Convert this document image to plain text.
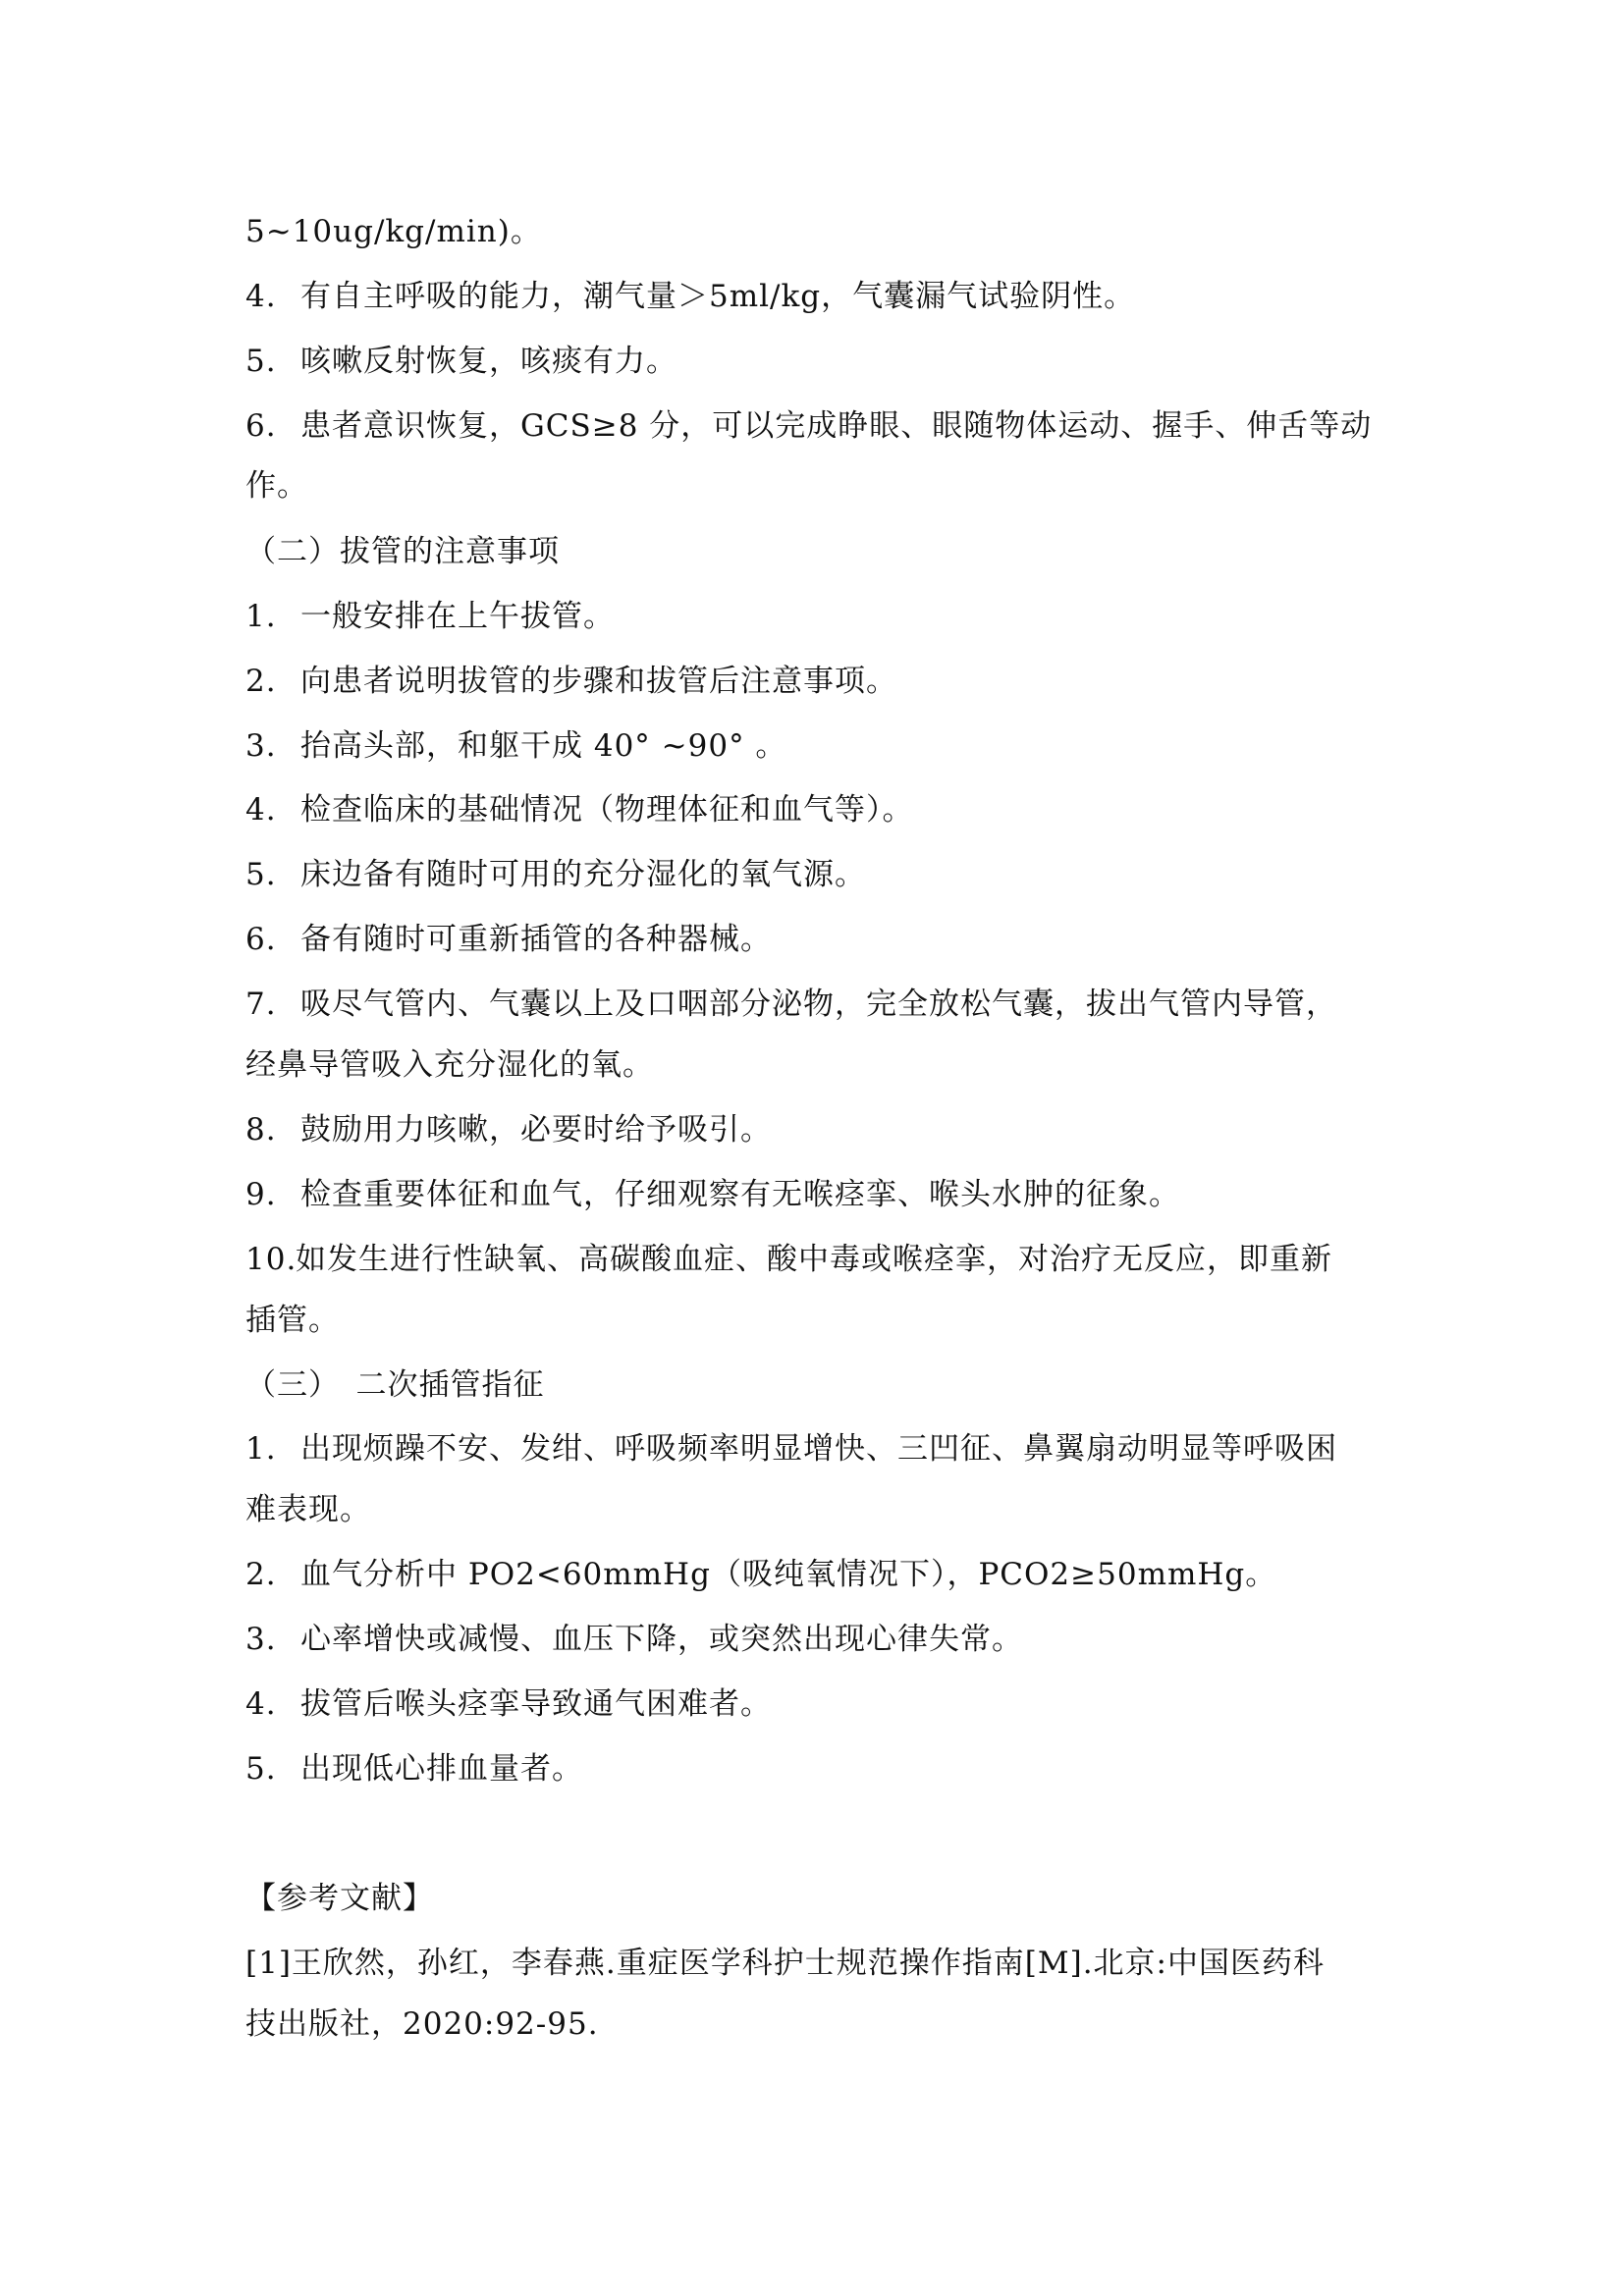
5~10ug/kg/min)。
4. 有自主呼吸的能力，潮气量＞5ml/kg，气囊漏气试验阴性。
5. 咳嗽反射恢复，咳痰有力。
6. 患者意识恢复，GCS≥8 分，可以完成睁眼、眼随物体运动、握手、伸舌等动
作。
（二）拔管的注意事项
1. 一般安排在上午拔管。
2. 向患者说明拔管的步骤和拔管后注意事项。
3. 抬高头部，和躯干成 40° ~90° 。
4. 检查临床的基础情况（物理体征和血气等）。
5. 床边备有随时可用的充分湿化的氧气源。
6. 备有随时可重新插管的各种器械。
7. 吸尽气管内、气囊以上及口咽部分泌物，完全放松气囊，拔出气管内导管，
经鼻导管吸入充分湿化的氧。
8. 鼓励用力咳嗽，必要时给予吸引。
9. 检查重要体征和血气，仔细观察有无喉痉挛、喉头水肿的征象。
10.如发生进行性缺氧、高碳酸血症、酸中毒或喉痉挛，对治疗无反应，即重新
插管。
（三）　二次插管指征
1. 出现烦躁不安、发绀、呼吸频率明显增快、三凹征、鼻翼扇动明显等呼吸困
难表现。
2. 血气分析中 PO2<60mmHg（吸纯氧情况下），PCO2≥50mmHg。
3. 心率增快或减慢、血压下降，或突然出现心律失常。
4. 拔管后喉头痉挛导致通气困难者。
5. 出现低心排血量者。
【参考文献】
[1]王欣然，孙红，李春燕.重症医学科护士规范操作指南[M].北京:中国医药科
技出版社，2020:92-95.
